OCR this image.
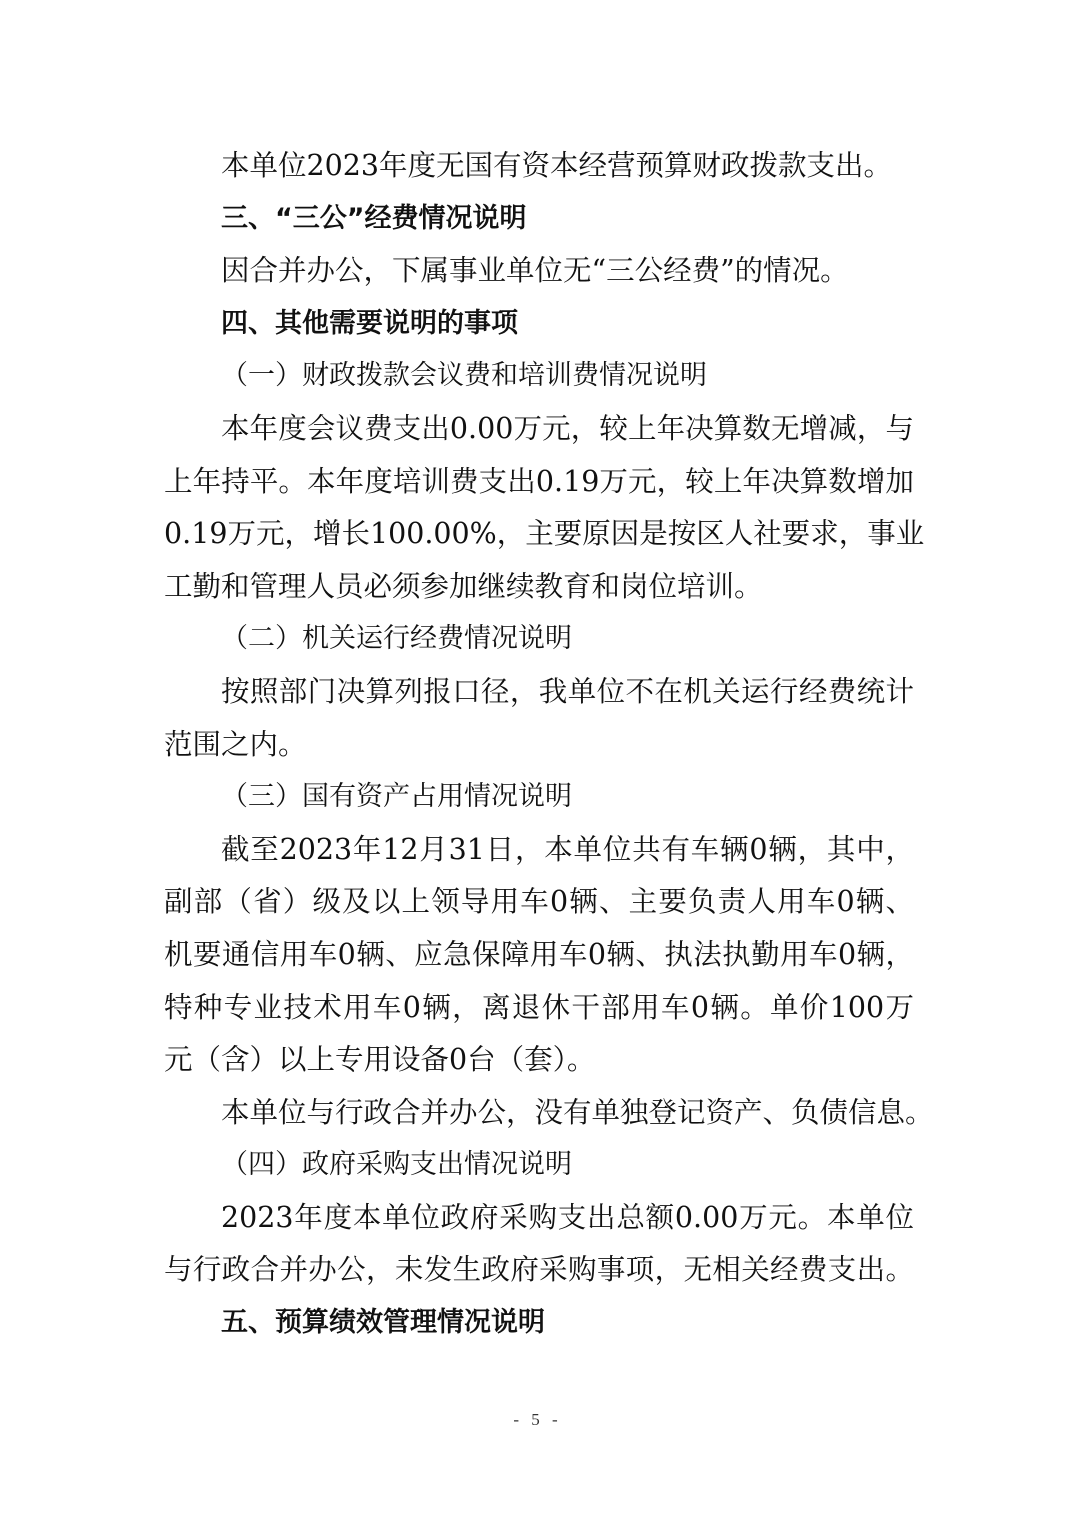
本单位2023年度无国有资本经营预算财政拨款支出。
三、“三公”经费情况说明
因合并办公，下属事业单位无“三公经费”的情况。
四、其他需要说明的事项
（一）财政拨款会议费和培训费情况说明
本年度会议费支出0.00万元，较上年决算数无增减，与
上年持平。本年度培训费支出0.19万元，较上年决算数增加
0.19万元，增长100.00%，主要原因是按区人社要求，事业
工勤和管理人员必须参加继续教育和岗位培训。
（二）机关运行经费情况说明
按照部门决算列报口径，我单位不在机关运行经费统计
范围之内。
（三）国有资产占用情况说明
截至2023年12月31日，本单位共有车辆0辆，其中，
副部（省）级及以上领导用车0辆、主要负责人用车0辆、
机要通信用车0辆、应急保障用车0辆、执法执勤用车0辆，
特种专业技术用车0辆，离退休干部用车0辆。单价100万
元（含）以上专用设备0台（套）。
本单位与行政合并办公，没有单独登记资产、负债信息。
（四）政府采购支出情况说明
2023年度本单位政府采购支出总额0.00万元。本单位
与行政合并办公，未发生政府采购事项，无相关经费支出。
五、预算绩效管理情况说明
- 5 -
